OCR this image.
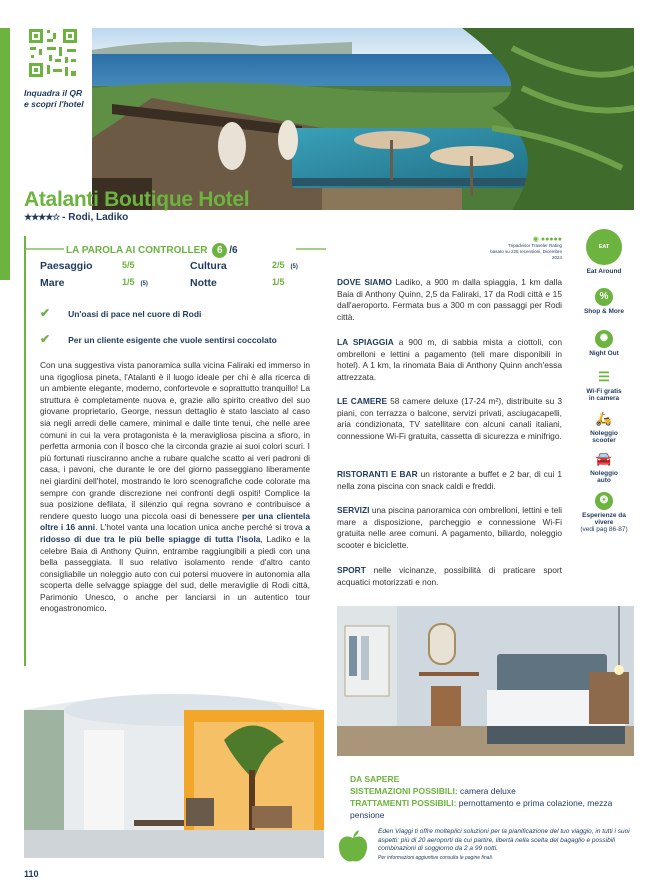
Inquadra il QR e scopri l'hotel
Atalanti Boutique Hotel
★★★★☆ - Rodi, Ladiko
LA PAROLA AI CONTROLLER 6 /6
Paesaggio	5/5	Cultura	2/5 (5)
Mare	1/5 (5)	Notte	1/5
✔ Un'oasi di pace nel cuore di Rodi
✔ Per un cliente esigente che vuole sentirsi coccolato
Con una suggestiva vista panoramica sulla vicina Faliraki ed immerso in una rigogliosa pineta, l'Atalanti è il luogo ideale per chi è alla ricerca di un ambiente elegante, moderno, confortevole e soprattutto tranquillo! La struttura è completamente nuova e, grazie allo spirito creativo del suo giovane proprietario, George, nessun dettaglio è stato lasciato al caso sia negli arredi delle camere, minimal e dalle tinte tenui, che nelle aree comuni in cui la vera protagonista è la meravigliosa piscina a sfioro, in perfetta armonia con il bosco che la circonda grazie ai suoi colori scuri. I più fortunati riusciranno anche a rubare qualche scatto ai veri padroni di casa, i pavoni, che durante le ore del giorno passeggiano liberamente nei giardini dell'hotel, mostrando le loro scenografiche code colorate ma sempre con grande discrezione nei confronti degli ospiti! Complice la sua posizione defilata, il silenzio qui regna sovrano e contribuisce a rendere questo luogo una piccola oasi di benessere per una clientela oltre i 16 anni. L'hotel vanta una location unica anche perché si trova a ridosso di due tra le più belle spiagge di tutta l'isola, Ladiko e la celebre Baia di Anthony Quinn, entrambe raggiungibili a piedi con una bella passeggiata. Il suo relativo isolamento rende d'altro canto consigliabile un noleggio auto con cui potersi muovere in autonomia alla scoperta delle selvagge spiagge del sud, delle meraviglie di Rodi città, Parimonio Unesco, o anche per lanciarsi in un autentico tour enogastronomico.
◉ ●●●●●
Tripadvisor Traveler Rating
basato su 225 recensioni, Dicembre 2024
DOVE SIAMO Ladiko, a 900 m dalla spiaggia, 1 km dalla Baia di Anthony Quinn, 2,5 da Faliraki, 17 da Rodi città e 15 dall'aeroporto. Fermata bus a 300 m con passaggi per Rodi città.
LA SPIAGGIA a 900 m, di sabbia mista a ciottoli, con ombrelloni e lettini a pagamento (teli mare disponibili in hotel). A 1 km, la rinomata Baia di Anthony Quinn anch'essa attrezzata.
LE CAMERE 58 camere deluxe (17-24 m²), distribuite su 3 piani, con terrazza o balcone, servizi privati, asciugacapelli, aria condizionata, TV satellitare con alcuni canali italiani, connessione Wi-Fi gratuita, cassetta di sicurezza e minifrigo.
RISTORANTI E BAR un ristorante a buffet e 2 bar, di cui 1 nella zona piscina con snack caldi e freddi.
SERVIZI una piscina panoramica con ombrelloni, lettini e teli mare a disposizione, parcheggio e connessione Wi-Fi gratuita nelle aree comuni. A pagamento, biliardo, noleggio scooter e biciclette.
SPORT nelle vicinanze, possibilità di praticare sport acquatici motorizzati e non.
EAT AROUND
Eat Around
%
Shop & More
✺
Night Out
☰
Wi-Fi gratis in camera
🛵
Noleggio scooter
🚘
Noleggio auto
❂
Esperienze da vivere
(vedi pag 86-87)
DA SAPERE
SISTEMAZIONI POSSIBILI: camera deluxe
TRATTAMENTI POSSIBILI: pernottamento e prima colazione, mezza pensione
Eden Viaggi ti offre molteplici soluzioni per la pianificazione del tuo viaggio, in tutti i suoi aspetti: più di 20 aeroporti da cui partire, libertà nella scelta del bagaglio e possibili combinazioni di soggiorno da 2 a 99 notti.
Per informazioni aggiuntive consulta le pagine finali.
110
